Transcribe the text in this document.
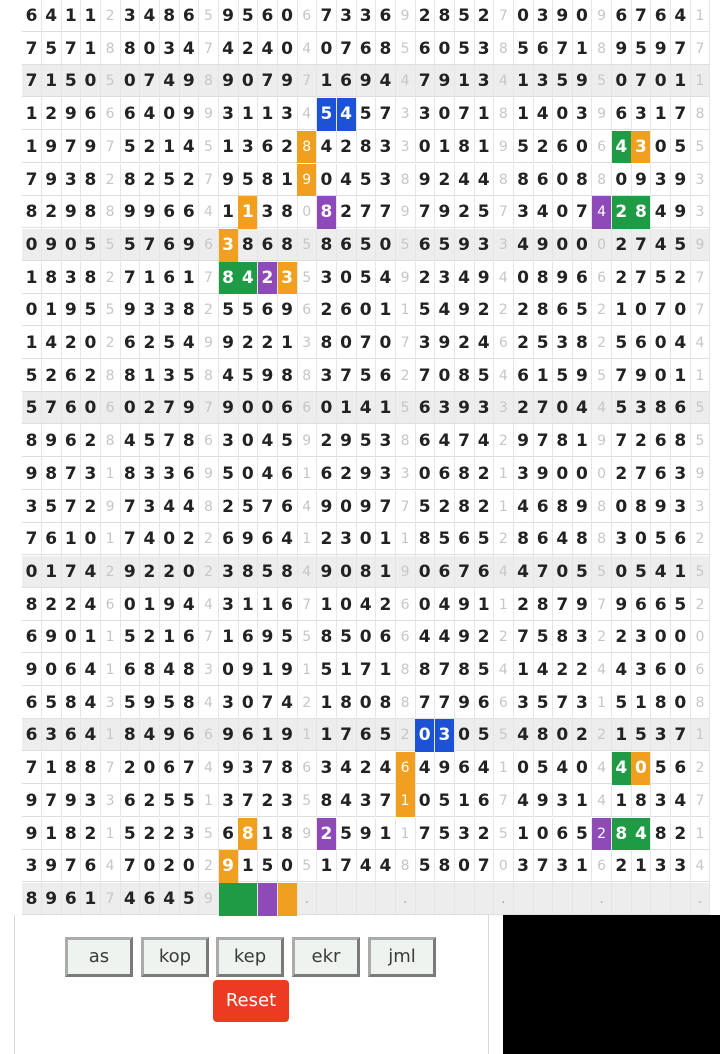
6 4 1 1 2 3 4 8 6 5 9 5 6 0 6 7 3 3 6 9 2 8 5 2 7 0 3 9 0 9 6 7 6 4 1
7 5 7 1 8 8 0 3 4 7 4 2 4 0 4 0 7 6 8 5 6 0 5 3 8 5 6 7 1 8 9 5 9 7 7
7 1 5 0 5 0 7 4 9 8 9 0 7 9 7 1 6 9 4 4 7 9 1 3 4 1 3 5 9 5 0 7 0 1 1
1 2 9 6 6 6 4 0 9 9 3 1 1 3 4 5 4 5 7 3 3 0 7 1 8 1 4 0 3 9 6 3 1 7 8
1 9 7 9 7 5 2 1 4 5 1 3 6 2 8 4 2 8 3 3 0 1 8 1 9 5 2 6 0 6 4 3 0 5 5
7 9 3 8 2 8 2 5 2 7 9 5 8 1 9 0 4 5 3 8 9 2 4 4 8 8 6 0 8 8 0 9 3 9 3
8 2 9 8 8 9 9 6 6 4 1 1 3 8 0 8 2 7 7 9 7 9 2 5 7 3 4 0 7 4 2 8 4 9 3
0 9 0 5 5 5 7 6 9 6 3 8 6 8 5 8 6 5 0 5 6 5 9 3 3 4 9 0 0 0 2 7 4 5 9
1 8 3 8 2 7 1 6 1 7 8 4 2 3 5 3 0 5 4 9 2 3 4 9 4 0 8 9 6 6 2 7 5 2 7
0 1 9 5 5 9 3 3 8 2 5 5 6 9 6 2 6 0 1 1 5 4 9 2 2 2 8 6 5 2 1 0 7 0 7
1 4 2 0 2 6 2 5 4 9 9 2 2 1 3 8 0 7 0 7 3 9 2 4 6 2 5 3 8 2 5 6 0 4 4
5 2 6 2 8 8 1 3 5 8 4 5 9 8 8 3 7 5 6 2 7 0 8 5 4 6 1 5 9 5 7 9 0 1 1
5 7 6 0 6 0 2 7 9 7 9 0 0 6 6 0 1 4 1 5 6 3 9 3 3 2 7 0 4 4 5 3 8 6 5
8 9 6 2 8 4 5 7 8 6 3 0 4 5 9 2 9 5 3 8 6 4 7 4 2 9 7 8 1 9 7 2 6 8 5
9 8 7 3 1 8 3 3 6 9 5 0 4 6 1 6 2 9 3 3 0 6 8 2 1 3 9 0 0 0 2 7 6 3 9
3 5 7 2 9 7 3 4 4 8 2 5 7 6 4 9 0 9 7 7 5 2 8 2 1 4 6 8 9 8 0 8 9 3 3
7 6 1 0 1 7 4 0 2 2 6 9 6 4 1 2 3 0 1 1 8 5 6 5 2 8 6 4 8 8 3 0 5 6 2
0 1 7 4 2 9 2 2 0 2 3 8 5 8 4 9 0 8 1 9 0 6 7 6 4 4 7 0 5 5 0 5 4 1 5
8 2 2 4 6 0 1 9 4 4 3 1 1 6 7 1 0 4 2 6 0 4 9 1 1 2 8 7 9 7 9 6 6 5 2
6 9 0 1 1 5 2 1 6 7 1 6 9 5 5 8 5 0 6 6 4 4 9 2 2 7 5 8 3 2 2 3 0 0 0
9 0 6 4 1 6 8 4 8 3 0 9 1 9 1 5 1 7 1 8 8 7 8 5 4 1 4 2 2 4 4 3 6 0 6
6 5 8 4 3 5 9 5 8 4 3 0 7 4 2 1 8 0 8 8 7 7 9 6 6 3 5 7 3 1 5 1 8 0 8
6 3 6 4 1 8 4 9 6 6 9 6 1 9 1 1 7 6 5 2 0 3 0 5 5 4 8 0 2 2 1 5 3 7 1
7 1 8 8 7 2 0 6 7 4 9 3 7 8 6 3 4 2 4 6 4 9 6 4 1 0 5 4 0 4 4 0 5 6 2
9 7 9 3 3 6 2 5 5 1 3 7 2 3 5 8 4 3 7 1 0 5 1 6 7 4 9 3 1 4 1 8 3 4 7
9 1 8 2 1 5 2 2 3 5 6 8 1 8 9 2 5 9 1 1 7 5 3 2 5 1 0 6 5 2 8 4 8 2 1
3 9 7 6 4 7 0 2 0 2 9 1 5 0 5 1 7 4 4 8 5 8 0 7 0 3 7 3 1 6 2 1 3 3 4
8 9 6 1 7 4 6 4 5 9	.	.	.	.	.
as	kop	kep	ekr	jml
Reset
